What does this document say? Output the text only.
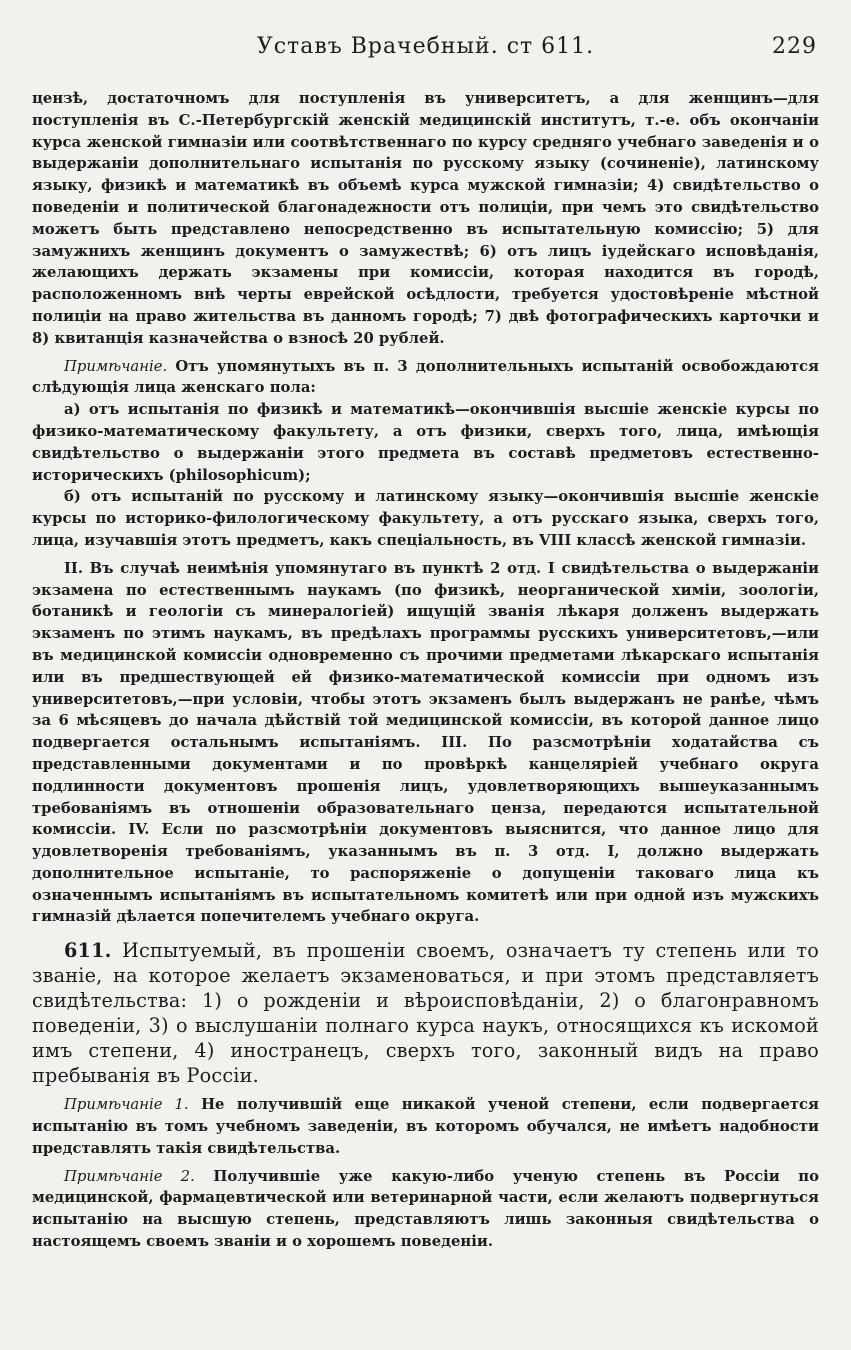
Уставъ Врачебный. ст 611.	229

цензѣ, достаточномъ для поступленія въ университетъ, а для женщинъ—для поступленія въ С.-Петербургскій женскій медицинскій институтъ, т.-е. объ окончаніи курса женской гимназіи или соотвѣтственнаго по курсу средняго учебнаго заведенія и о выдержаніи дополнительнаго испытанія по русскому языку (сочиненіе), латинскому языку, физикѣ и математикѣ въ объемѣ курса мужской гимназіи; 4) свидѣтельство о поведеніи и политической благонадежности отъ полиціи, при чемъ это свидѣтельство можетъ быть представлено непосредственно въ испытательную комиссію; 5) для замужнихъ женщинъ документъ о замужествѣ; 6) отъ лицъ іудейскаго исповѣданія, желающихъ держать экзамены при комиссіи, которая находится въ городѣ, расположенномъ внѣ черты еврейской осѣдлости, требуется удостовѣреніе мѣстной полиціи на право жительства въ данномъ городѣ; 7) двѣ фотографическихъ карточки и 8) квитанція казначейства о взносѣ 20 рублей.

Примѣчаніе. Отъ упомянутыхъ въ п. 3 дополнительныхъ испытаній освобождаются слѣдующія лица женскаго пола:

а) отъ испытанія по физикѣ и математикѣ—окончившія высшіе женскіе курсы по физико-математическому факультету, а отъ физики, сверхъ того, лица, имѣющія свидѣтельство о выдержаніи этого предмета въ составѣ предметовъ естественно-историческихъ (philosophicum);

б) отъ испытаній по русскому и латинскому языку—окончившія высшіе женскіе курсы по историко-филологическому факультету, а отъ русскаго языка, сверхъ того, лица, изучавшія этотъ предметъ, какъ спеціальность, въ VIII классѣ женской гимназіи.

II. Въ случаѣ неимѣнія упомянутаго въ пунктѣ 2 отд. I свидѣтельства о выдержаніи экзамена по естественнымъ наукамъ (по физикѣ, неорганической химіи, зоологіи, ботаникѣ и геологіи съ минералогіей) ищущій званія лѣкаря долженъ выдержать экзаменъ по этимъ наукамъ, въ предѣлахъ программы русскихъ университетовъ,—или въ медицинской комиссіи одновременно съ прочими предметами лѣкарскаго испытанія или въ предшествующей ей физико-математической комиссіи при одномъ изъ университетовъ,—при условіи, чтобы этотъ экзаменъ былъ выдержанъ не ранѣе, чѣмъ за 6 мѣсяцевъ до начала дѣйствій той медицинской комиссіи, въ которой данное лицо подвергается остальнымъ испытаніямъ. III. По разсмотрѣніи ходатайства съ представленными документами и по провѣркѣ канцеляріей учебнаго округа подлинности документовъ прошенія лицъ, удовлетворяющихъ вышеуказаннымъ требованіямъ въ отношеніи образовательнаго ценза, передаются испытательной комиссіи. IV. Если по разсмотрѣніи документовъ выяснится, что данное лицо для удовлетворенія требованіямъ, указаннымъ въ п. 3 отд. I, должно выдержать дополнительное испытаніе, то распоряженіе о допущеніи таковаго лица къ означеннымъ испытаніямъ въ испытательномъ комитетѣ или при одной изъ мужскихъ гимназій дѣлается попечителемъ учебнаго округа.

611. Испытуемый, въ прошеніи своемъ, означаетъ ту степень или то званіе, на которое желаетъ экзаменоваться, и при этомъ представляетъ свидѣтельства: 1) о рожденіи и вѣроисповѣданіи, 2) о благонравномъ поведеніи, 3) о выслушаніи полнаго курса наукъ, относящихся къ искомой имъ степени, 4) иностранецъ, сверхъ того, законный видъ на право пребыванія въ Россіи.

Примѣчаніе 1. Не получившій еще никакой ученой степени, если подвергается испытанію въ томъ учебномъ заведеніи, въ которомъ обучался, не имѣетъ надобности представлять такія свидѣтельства.

Примѣчаніе 2. Получившіе уже какую-либо ученую степень въ Россіи по медицинской, фармацевтической или ветеринарной части, если желаютъ подвергнуться испытанію на высшую степень, представляютъ лишь законныя свидѣтельства о настоящемъ своемъ званіи и о хорошемъ поведеніи.
